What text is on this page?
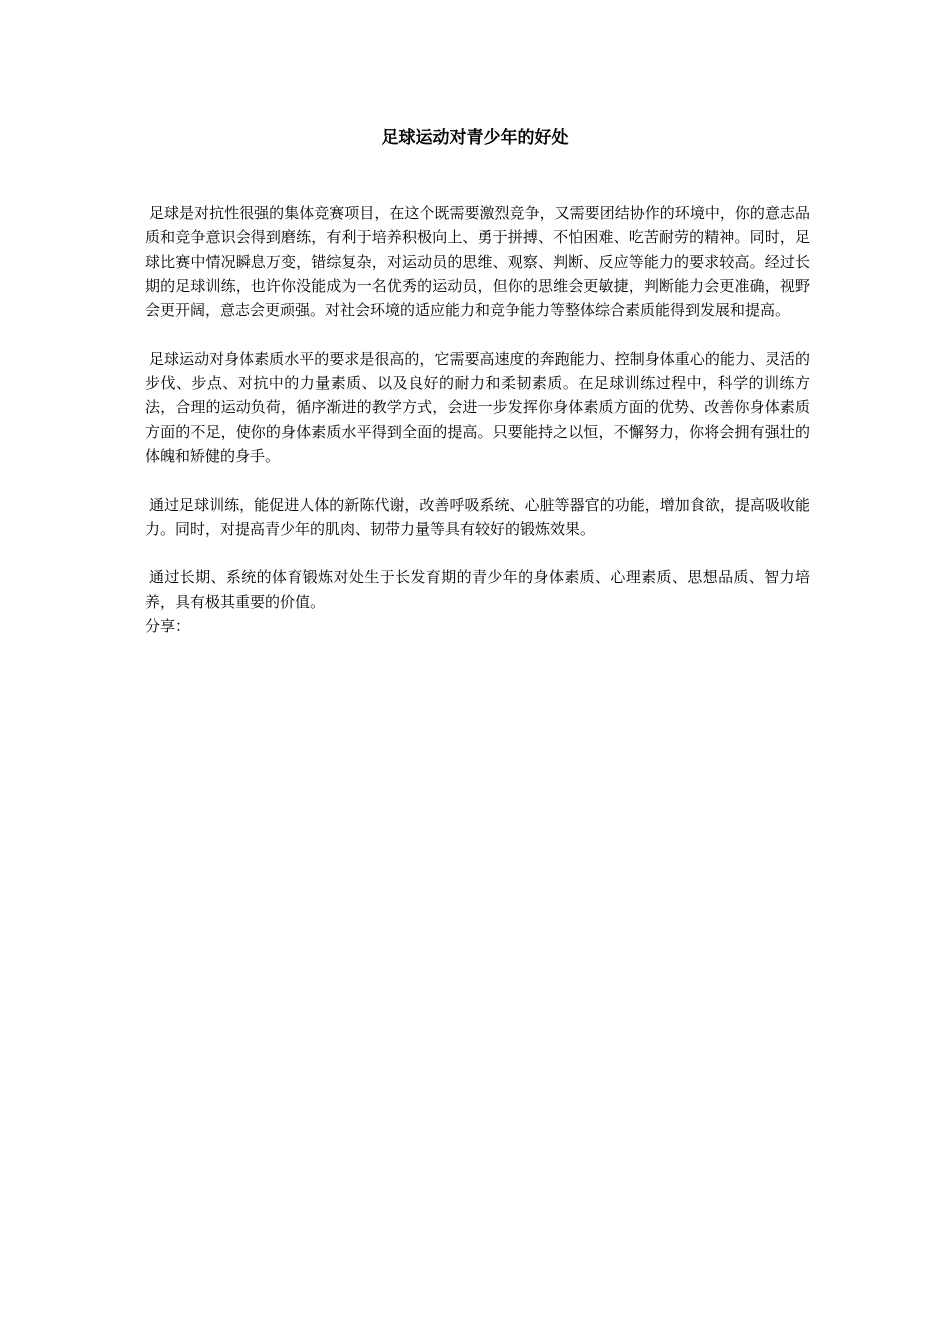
足球运动对青少年的好处

足球是对抗性很强的集体竞赛项目，在这个既需要激烈竞争，又需要团结协作的环境中，你的意志品质和竞争意识会得到磨练，有利于培养积极向上、勇于拼搏、不怕困难、吃苦耐劳的精神。同时，足球比赛中情况瞬息万变，错综复杂，对运动员的思维、观察、判断、反应等能力的要求较高。经过长期的足球训练，也许你没能成为一名优秀的运动员，但你的思维会更敏捷，判断能力会更准确，视野会更开阔，意志会更顽强。对社会环境的适应能力和竞争能力等整体综合素质能得到发展和提高。

足球运动对身体素质水平的要求是很高的，它需要高速度的奔跑能力、控制身体重心的能力、灵活的步伐、步点、对抗中的力量素质、以及良好的耐力和柔韧素质。在足球训练过程中，科学的训练方法，合理的运动负荷，循序渐进的教学方式，会进一步发挥你身体素质方面的优势、改善你身体素质方面的不足，使你的身体素质水平得到全面的提高。只要能持之以恒，不懈努力，你将会拥有强壮的体魄和矫健的身手。

通过足球训练，能促进人体的新陈代谢，改善呼吸系统、心脏等器官的功能，增加食欲，提高吸收能力。同时，对提高青少年的肌肉、韧带力量等具有较好的锻炼效果。

通过长期、系统的体育锻炼对处生于长发育期的青少年的身体素质、心理素质、思想品质、智力培养，具有极其重要的价值。

分享：
